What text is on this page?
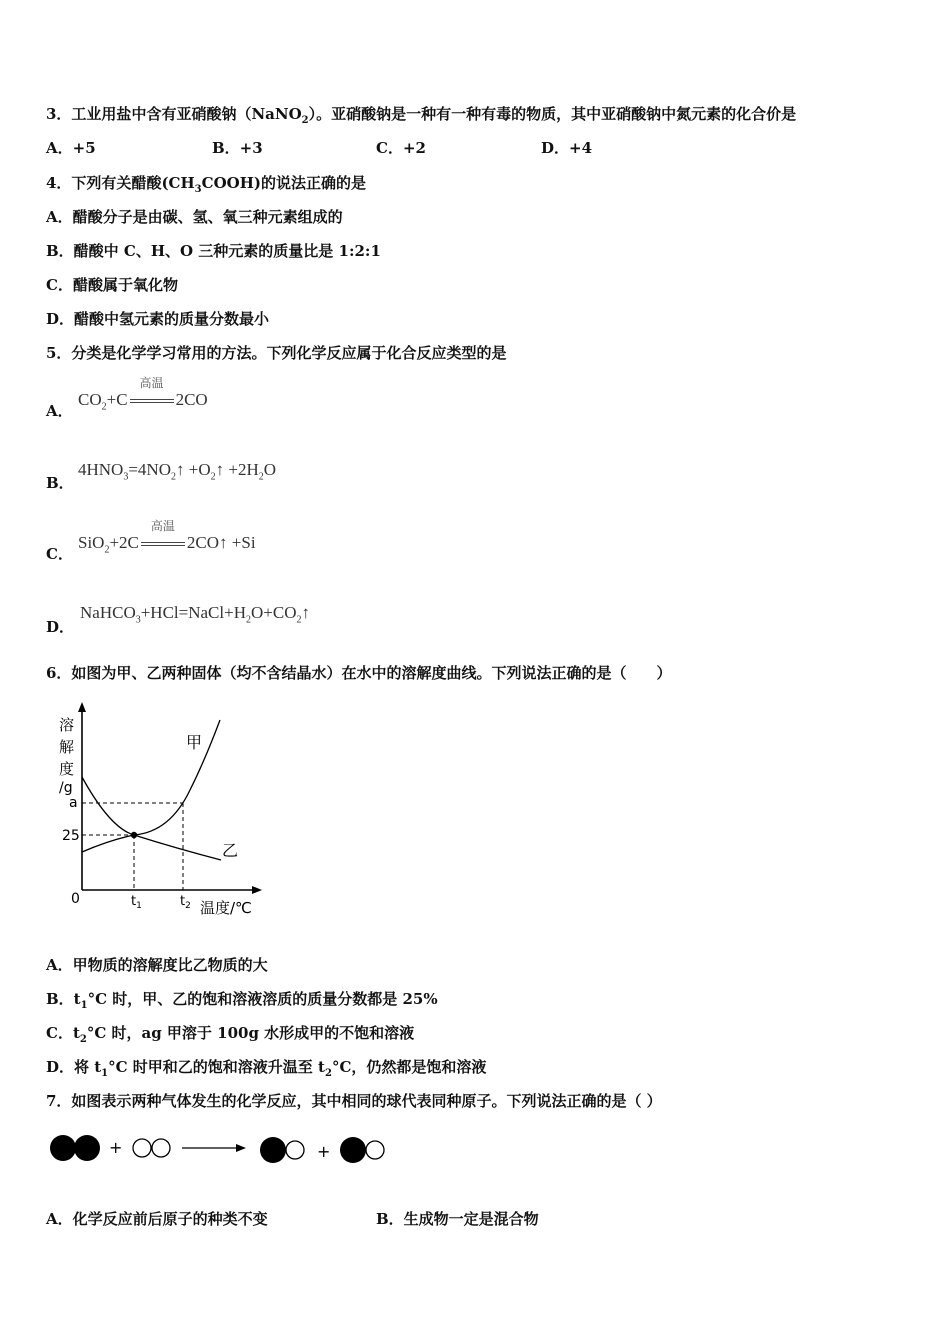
3．工业用盐中含有亚硝酸钠（NaNO$_2$）。亚硝酸钠是一种有一种有毒的物质，其中亚硝酸钠中氮元素的化合价是
A．+5	B．+3	C．+2	D．+4
4．下列有关醋酸$(CH_3COOH)$的说法正确的是
A．醋酸分子是由碳、氢、氧三种元素组成的
B．醋酸中 C、H、O 三种元素的质量比是 1:2:1
C．醋酸属于氧化物
D．醋酸中氢元素的质量分数最小
5．分类是化学学习常用的方法。下列化学反应属于化合反应类型的是
A．
$CO_2+C$
高温
2CO
B．
$4HNO_3=4NO_2↑$ $+O_2↑ +2H_2O$
C．
SiO$_2$+2C
高温
2CO↑ +Si
D．
$NaHCO_3+HCl=NaCl+H_2O+CO_2↑$
6．如图为甲、乙两种固体（均不含结晶水）在水中的溶解度曲线。下列说法正确的是（　　）
溶
解
度
/g
a
25
0
甲
乙
$t_1$	$t_2$ 温度/℃
A．甲物质的溶解度比乙物质的大
B．$t_1^\circ C$ 时，甲、乙的饱和溶液溶质的质量分数都是 25%
C．$t_2^\circ C$ 时，ag 甲溶于 100g 水形成甲的不饱和溶液
D．将 $t_1^\circ C$ 时甲和乙的饱和溶液升温至 $t_2^\circ C$，仍然都是饱和溶液
7．如图表示两种气体发生的化学反应，其中相同的球代表同种原子。下列说法正确的是（ ）
+	+
A．化学反应前后原子的种类不变	B．生成物一定是混合物
